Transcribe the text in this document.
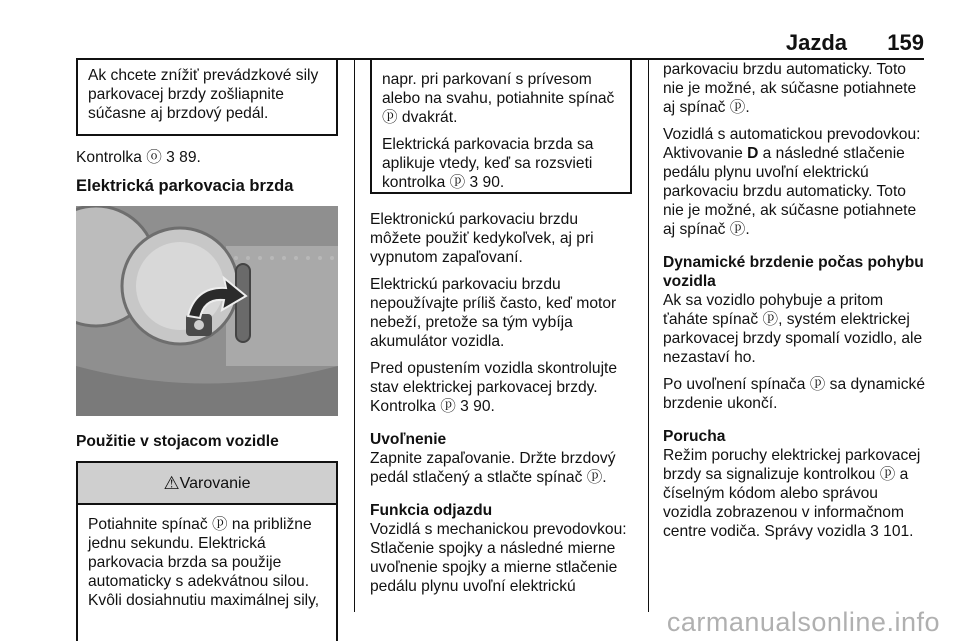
Jazda 159

Ak chcete znížiť prevádzkové sily parkovacej brzdy zošliapnite súčasne aj brzdový pedál.

Kontrolka ⓞ 3 89.

Elektrická parkovacia brzda
Použitie v stojacom vozidle
⚠ Varovanie

Potiahnite spínač ⓟ na približne jednu sekundu. Elektrická parkovacia brzda sa použije automaticky s adekvátnou silou. Kvôli dosiahnutiu maximálnej sily,

napr. pri parkovaní s prívesom alebo na svahu, potiahnite spínač ⓟ dvakrát.

Elektrická parkovacia brzda sa aplikuje vtedy, keď sa rozsvieti kontrolka ⓟ 3 90.

Elektronickú parkovaciu brzdu môžete použiť kedykoľvek, aj pri vypnutom zapaľovaní.

Elektrickú parkovaciu brzdu nepoužívajte príliš často, keď motor nebeží, pretože sa tým vybíja akumulátor vozidla.

Pred opustením vozidla skontrolujte stav elektrickej parkovacej brzdy. Kontrolka ⓟ 3 90.

Uvoľnenie

Zapnite zapaľovanie. Držte brzdový pedál stlačený a stlačte spínač ⓟ.

Funkcia odjazdu

Vozidlá s mechanickou prevodovkou: Stlačenie spojky a následné mierne uvoľnenie spojky a mierne stlačenie pedálu plynu uvoľní elektrickú

parkovaciu brzdu automaticky. Toto nie je možné, ak súčasne potiahnete aj spínač ⓟ.

Vozidlá s automatickou prevodovkou: Aktivovanie D a následné stlačenie pedálu plynu uvoľní elektrickú parkovaciu brzdu automaticky. Toto nie je možné, ak súčasne potiahnete aj spínač ⓟ.

Dynamické brzdenie počas pohybu vozidla

Ak sa vozidlo pohybuje a pritom ťaháte spínač ⓟ, systém elektrickej parkovacej brzdy spomalí vozidlo, ale nezastaví ho.

Po uvoľnení spínača ⓟ sa dynamické brzdenie ukončí.

Porucha

Režim poruchy elektrickej parkovacej brzdy sa signalizuje kontrolkou ⓟ a číselným kódom alebo správou vozidla zobrazenou v informačnom centre vodiča. Správy vozidla 3 101.

carmanualsonline.info
